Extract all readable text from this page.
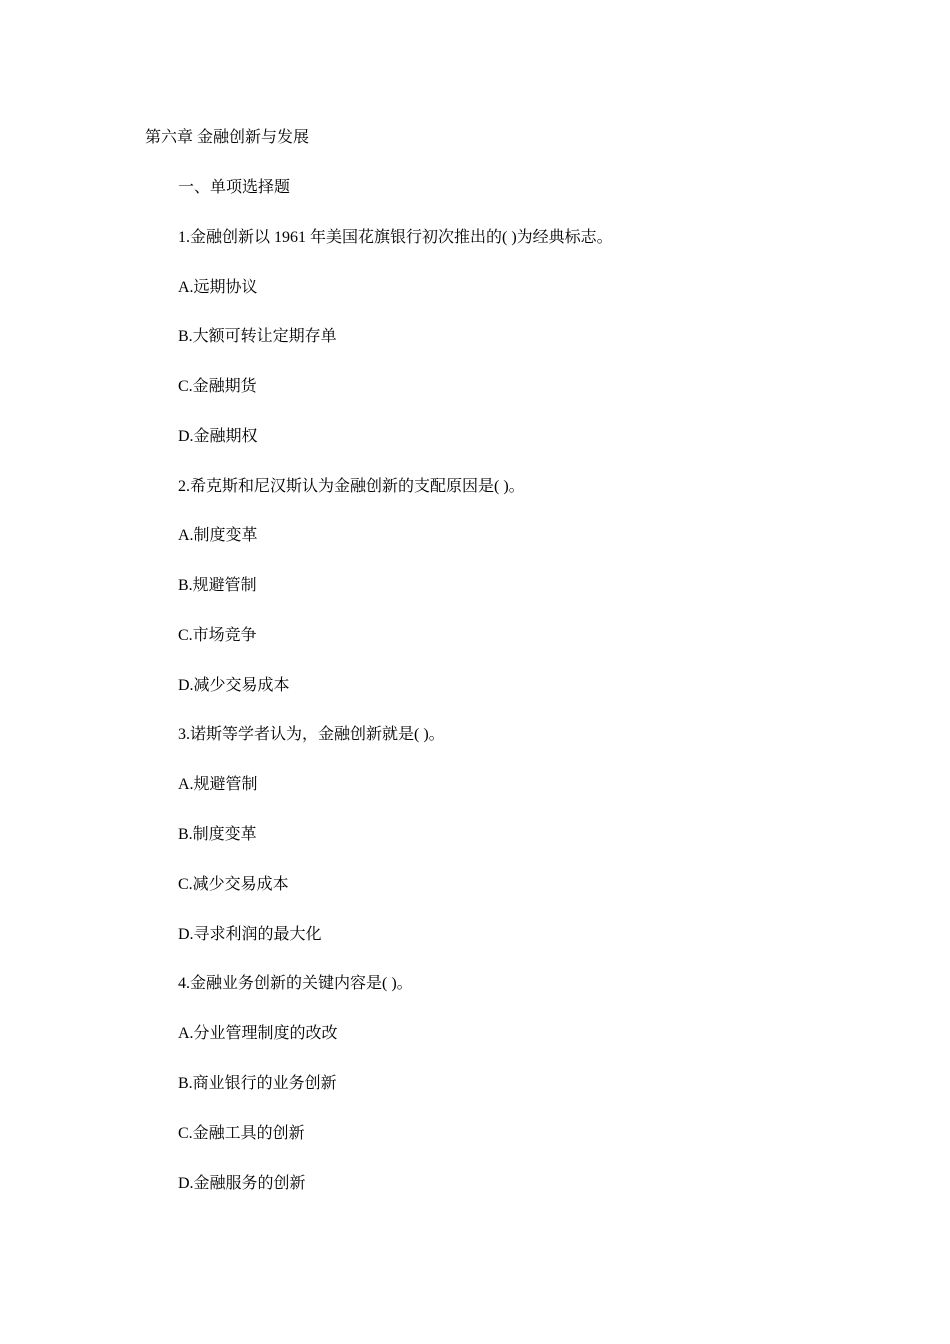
第六章 金融创新与发展
一、单项选择题
1.金融创新以 1961 年美国花旗银行初次推出的( )为经典标志。
A.远期协议
B.大额可转让定期存单
C.金融期货
D.金融期权
2.希克斯和尼汉斯认为金融创新的支配原因是( )。
A.制度变革
B.规避管制
C.市场竞争
D.减少交易成本
3.诺斯等学者认为，金融创新就是( )。
A.规避管制
B.制度变革
C.减少交易成本
D.寻求利润的最大化
4.金融业务创新的关键内容是( )。
A.分业管理制度的改改
B.商业银行的业务创新
C.金融工具的创新
D.金融服务的创新
